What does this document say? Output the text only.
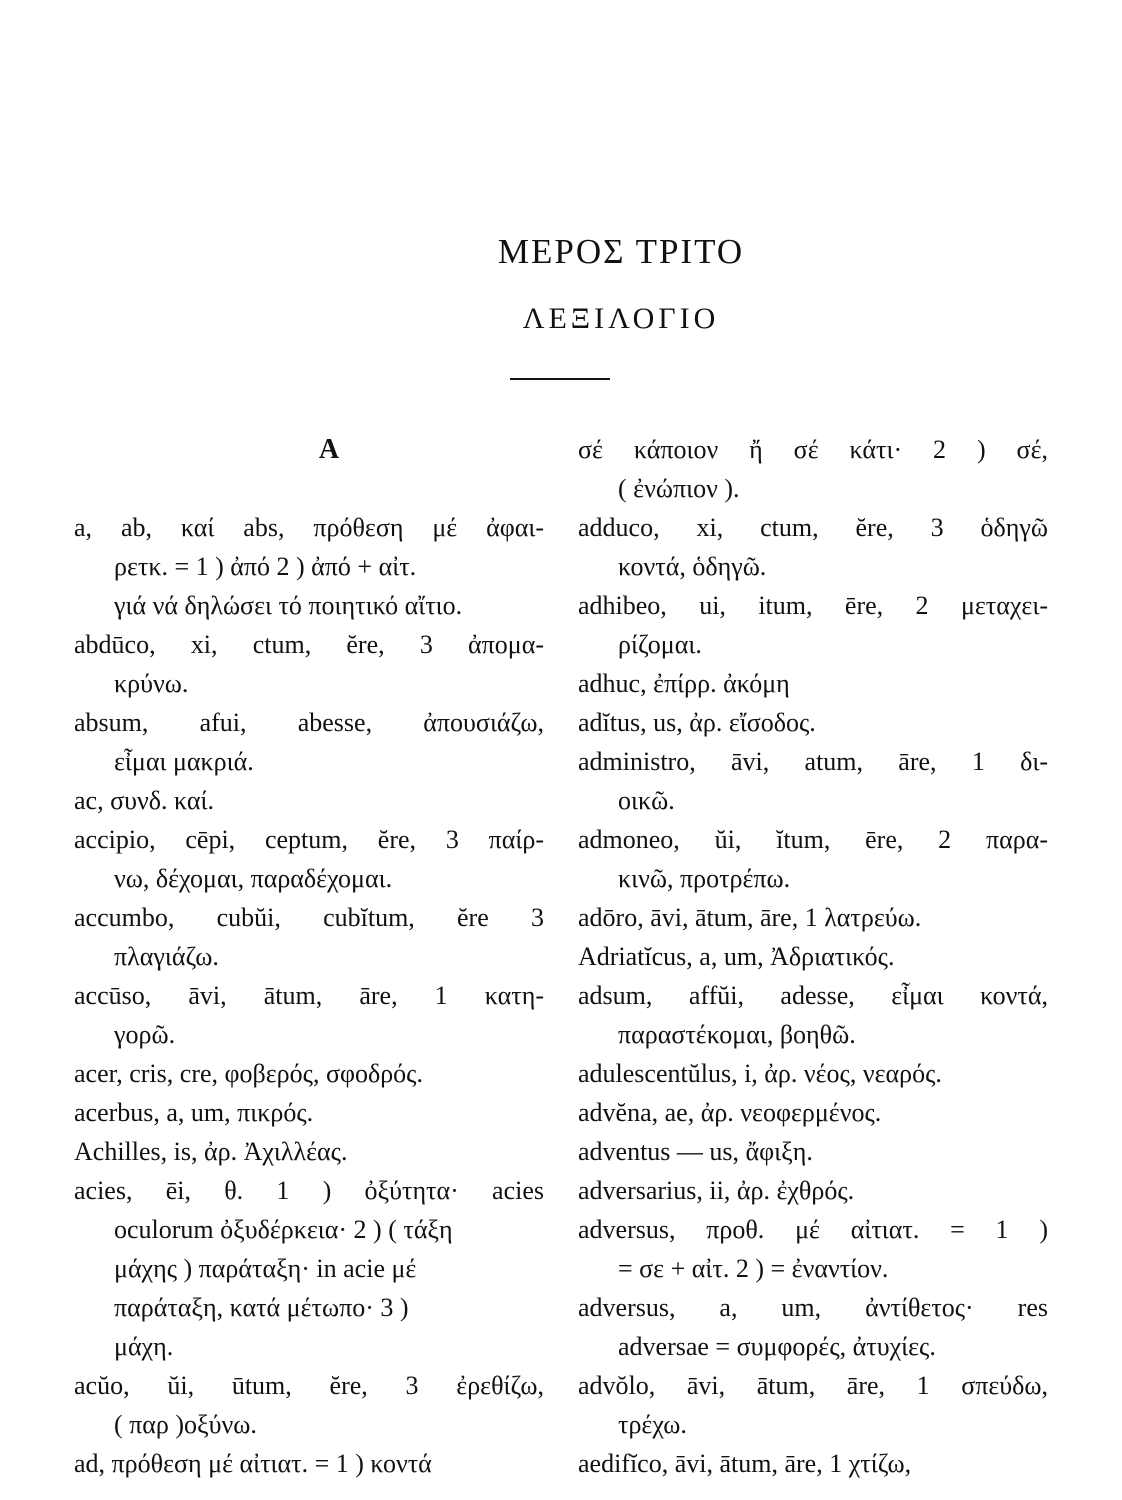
ΜΕΡΟΣ ΤΡΙΤΟ
ΛΕΞΙΛΟΓΙΟ
A
a, ab, καί abs, πρόθεση μέ ἀφαι-
ρετκ. = 1 ) ἀπό 2 ) ἀπό + αἰτ.
γιά νά δηλώσει τό ποιητικό αἴτιο.
abdūco, xi, ctum, ĕre, 3 ἀπομα-
κρύνω.
absum, afui, abesse, ἀπουσιάζω,
εἶμαι μακριά.
ac, συνδ. καί.
accipio, cēpi, ceptum, ĕre, 3 παίρ-
νω, δέχομαι, παραδέχομαι.
accumbo, cubŭi, cubĭtum, ĕre 3
πλαγιάζω.
accūso, āvi, ātum, āre, 1 κατη-
γορῶ.
acer, cris, cre, φοβερός, σφοδρός.
acerbus, a, um, πικρός.
Achilles, is, ἀρ. Ἀχιλλέας.
acies, ēi, θ. 1 ) ὀξύτητα· acies
oculorum ὀξυδέρκεια· 2 ) ( τάξη
μάχης ) παράταξη· in acie μέ
παράταξη, κατά μέτωπο· 3 )
μάχη.
acŭo, ŭi, ūtum, ĕre, 3 ἐρεθίζω,
( παρ )οξύνω.
ad, πρόθεση μέ αἰτιατ. = 1 ) κοντά
σέ κάποιον ἤ σέ κάτι· 2 ) σέ,
( ἐνώπιον ).
adduco, xi, ctum, ĕre, 3 ὁδηγῶ
κοντά, ὁδηγῶ.
adhibeo, ui, itum, ēre, 2 μεταχει-
ρίζομαι.
adhuc, ἐπίρρ. ἀκόμη
adĭtus, us, ἀρ. εἴσοδος.
administro, āvi, atum, āre, 1 δι-
οικῶ.
admoneo, ŭi, ĭtum, ēre, 2 παρα-
κινῶ, προτρέπω.
adōro, āvi, ātum, āre, 1 λατρεύω.
Adriatĭcus, a, um, Ἀδριατικός.
adsum, affŭi, adesse, εἶμαι κοντά,
παραστέκομαι, βοηθῶ.
adulescentŭlus, i, ἀρ. νέος, νεαρός.
advĕna, ae, ἀρ. νεοφερμένος.
adventus — us, ἄφιξη.
adversarius, ii, ἀρ. ἐχθρός.
adversus, προθ. μέ αἰτιατ. = 1 )
= σε + αἰτ. 2 ) = ἐναντίον.
adversus, a, um, ἀντίθετος· res
adversae = συμφορές, ἀτυχίες.
advŏlo, āvi, ātum, āre, 1 σπεύδω,
τρέχω.
aedifĭco, āvi, ātum, āre, 1 χτίζω,
